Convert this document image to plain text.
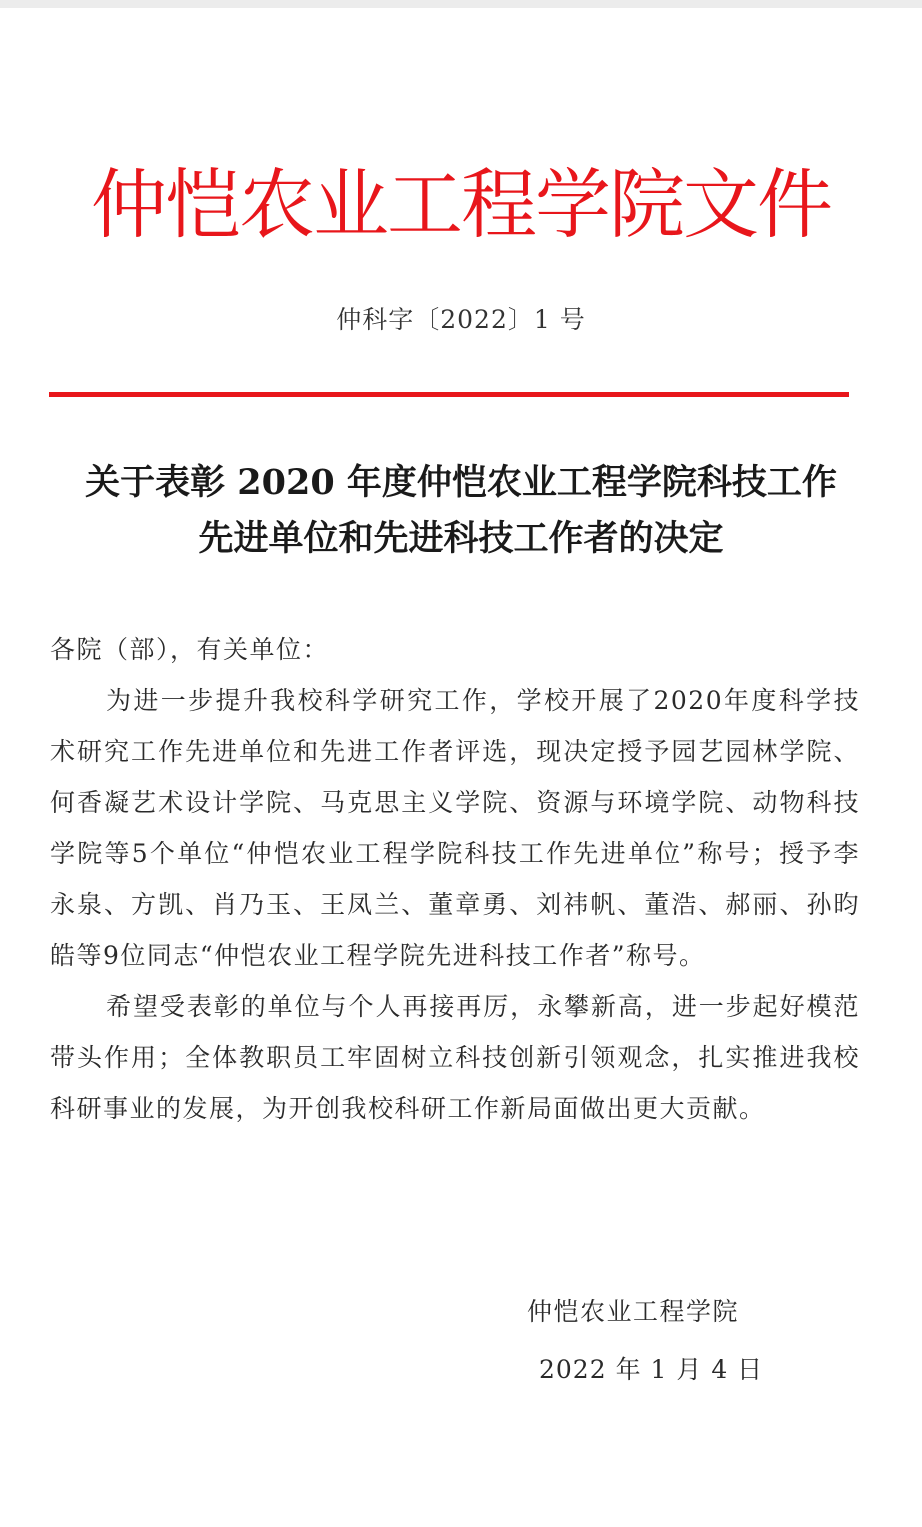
仲恺农业工程学院文件
仲科字〔2022〕1 号
关于表彰 2020 年度仲恺农业工程学院科技工作
先进单位和先进科技工作者的决定

各院（部），有关单位：

为进一步提升我校科学研究工作，学校开展了2020年度科学技术研究工作先进单位和先进工作者评选，现决定授予园艺园林学院、何香凝艺术设计学院、马克思主义学院、资源与环境学院、动物科技学院等5个单位“仲恺农业工程学院科技工作先进单位”称号；授予李永泉、方凯、肖乃玉、王凤兰、董章勇、刘祎帆、董浩、郝丽、孙昀皓等9位同志“仲恺农业工程学院先进科技工作者”称号。

希望受表彰的单位与个人再接再厉，永攀新高，进一步起好模范带头作用；全体教职员工牢固树立科技创新引领观念，扎实推进我校科研事业的发展，为开创我校科研工作新局面做出更大贡献。

仲恺农业工程学院
2022 年 1 月 4 日
